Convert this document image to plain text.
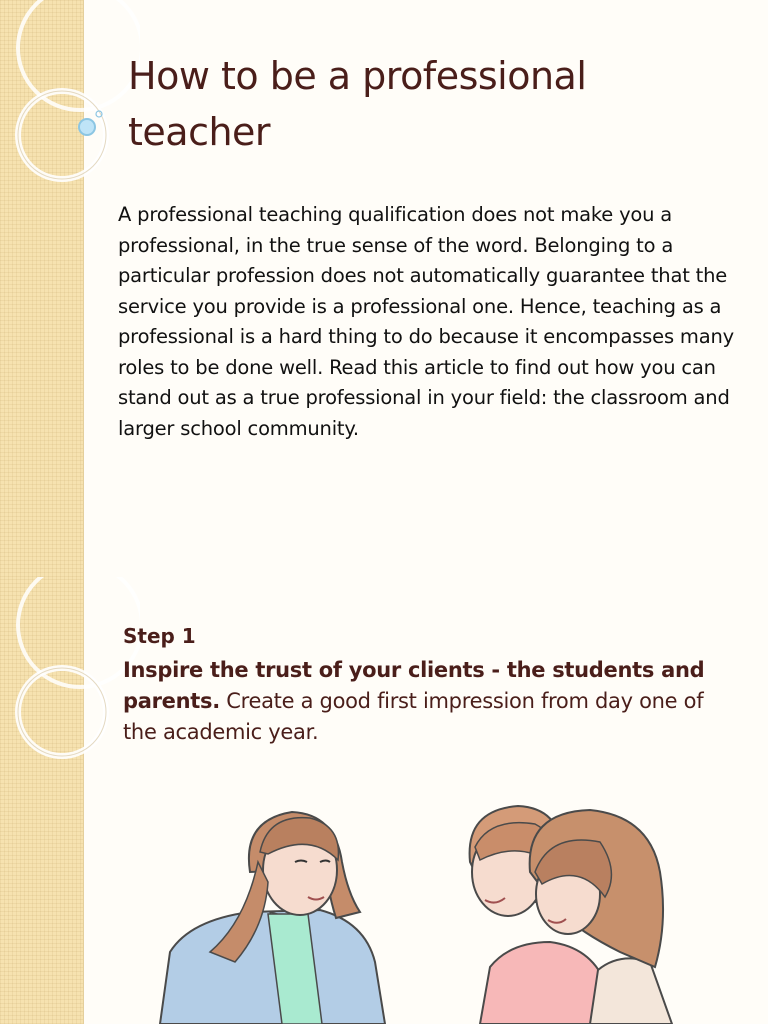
How to be a professional teacher

A professional teaching qualification does not make you a professional, in the true sense of the word. Belonging to a particular profession does not automatically guarantee that the service you provide is a professional one. Hence, teaching as a professional is a hard thing to do because it encompasses many roles to be done well. Read this article to find out how you can stand out as a true professional in your field: the classroom and larger school community.

Step 1

Inspire the trust of your clients - the students and parents. Create a good first impression from day one of the academic year.
